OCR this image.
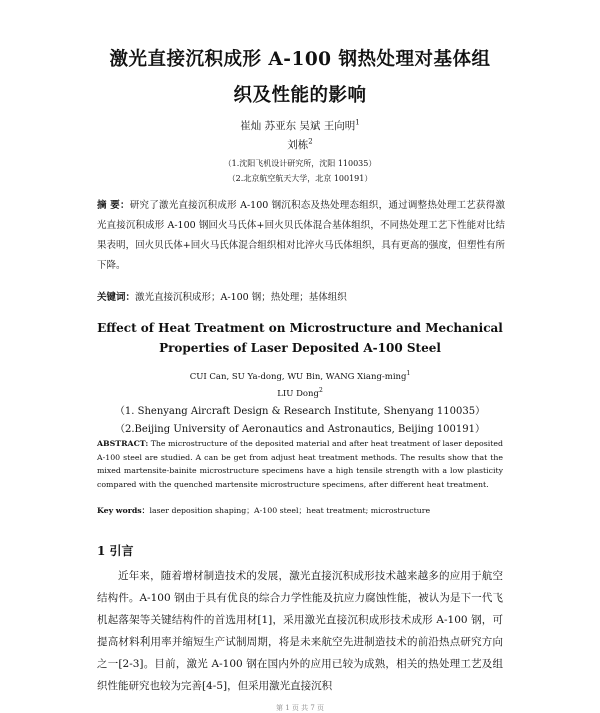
激光直接沉积成形 A-100 钢热处理对基体组
织及性能的影响
崔灿 苏亚东 吴斌 王向明$^1$
刘栋$^2$
（1.沈阳飞机设计研究所，沈阳 110035）
（2.北京航空航天大学，北京 100191）
摘 要：研究了激光直接沉积成形 A-100 钢沉积态及热处理态组织，通过调整热处理工艺获得激光直接沉积成形 A-100 钢回火马氏体+回火贝氏体混合基体组织，不同热处理工艺下性能对比结果表明，回火贝氏体+回火马氏体混合组织相对比淬火马氏体组织，具有更高的强度，但塑性有所下降。
关键词：激光直接沉积成形；A-100 钢；热处理；基体组织
Effect of Heat Treatment on Microstructure and Mechanical
Properties of Laser Deposited A-100 Steel
CUI Can, SU Ya-dong, WU Bin, WANG Xiang-ming$^1$
LIU Dong$^2$
（1. Shenyang Aircraft Design & Research Institute, Shenyang 110035）
（2.Beijing University of Aeronautics and Astronautics, Beijing 100191）
ABSTRACT: The microstructure of the deposited material and after heat treatment of laser deposited A-100 steel are studied. A can be get from adjust heat treatment methods. The results show that the mixed martensite-bainite microstructure specimens have a high tensile strength with a low plasticity compared with the quenched martensite microstructure specimens, after different heat treatment.
Key words：laser deposition shaping；A-100 steel；heat treatment; microstructure
1 引言
近年来，随着增材制造技术的发展，激光直接沉积成形技术越来越多的应用于航空结构件。A-100 钢由于具有优良的综合力学性能及抗应力腐蚀性能，被认为是下一代飞机起落架等关键结构件的首选用材[1]，采用激光直接沉积成形技术成形 A-100 钢，可提高材料利用率并缩短生产试制周期，将是未来航空先进制造技术的前沿热点研究方向之一[2-3]。目前，激光 A-100 钢在国内外的应用已较为成熟，相关的热处理工艺及组织性能研究也较为完善[4-5]，但采用激光直接沉积
第 1 页 共 7 页
